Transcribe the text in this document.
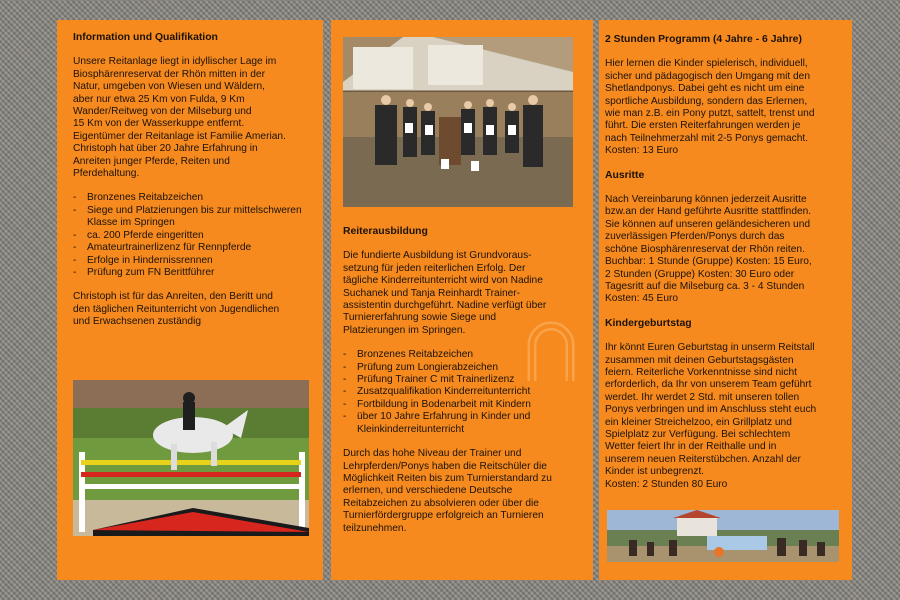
Information und Qualifikation

Unsere Reitanlage liegt in idyllischer Lage im
Biosphärenreservat der Rhön mitten in der
Natur, umgeben von Wiesen und Wäldern,
aber nur etwa 25 Km von Fulda, 9 Km
Wander/Reitweg von der Milseburg und
15 Km von der Wasserkuppe entfernt.
Eigentümer der Reitanlage ist Familie Amerian.
Christoph hat über 20 Jahre Erfahrung in
Anreiten junger Pferde, Reiten und
Pferdehaltung.

- Bronzenes Reitabzeichen
- Siege und Platzierungen bis zur mittelschweren Klasse im Springen
- ca. 200 Pferde eingeritten
- Amateurtrainerlizenz für Rennpferde
- Erfolge in Hindernissrennen
- Prüfung zum FN Berittführer

Christoph ist für das Anreiten, den Beritt und
den täglichen Reitunterricht von Jugendlichen
und Erwachsenen zuständig

Reiterausbildung

Die fundierte Ausbildung ist Grundvoraus-
setzung für jeden reiterlichen Erfolg. Der
tägliche Kinderreitunterricht wird von Nadine
Suchanek und Tanja Reinhardt Trainer-
assistentin durchgeführt. Nadine verfügt über
Turniererfahrung sowie Siege und
Platzierungen im Springen.

- Bronzenes Reitabzeichen
- Prüfung zum Longierabzeichen
- Prüfung Trainer C mit Trainerlizenz
- Zusatzqualifikation Kinderreitunterricht
- Fortbildung in Bodenarbeit mit Kindern
- über 10 Jahre Erfahrung in Kinder und Kleinkinderreitunterricht

Durch das hohe Niveau der Trainer und
Lehrpferden/Ponys haben die Reitschüler die
Möglichkeit Reiten bis zum Turnierstandard zu
erlernen, und verschiedene Deutsche
Reitabzeichen zu absolvieren oder über die
Turnierfördergruppe erfolgreich an Turnieren
teilzunehmen.

2 Stunden Programm (4 Jahre - 6 Jahre)

Hier lernen die Kinder spielerisch, individuell,
sicher und pädagogisch den Umgang mit den
Shetlandponys. Dabei geht es nicht um eine
sportliche Ausbildung, sondern das Erlernen,
wie man z.B. ein Pony putzt, sattelt, trenst und
führt. Die ersten Reiterfahrungen werden je
nach Teilnehmerzahl mit 2-5 Ponys gemacht.
Kosten: 13 Euro

Ausritte

Nach Vereinbarung können jederzeit Ausritte
bzw.an der Hand geführte Ausritte stattfinden.
Sie können auf unseren geländesicheren und
zuverlässigen Pferden/Ponys durch das
schöne Biosphärenreservat der Rhön reiten.
Buchbar: 1 Stunde (Gruppe) Kosten: 15 Euro,
2 Stunden (Gruppe) Kosten: 30 Euro oder
Tagesritt auf die Milseburg ca. 3 - 4 Stunden
Kosten: 45 Euro

Kindergeburtstag

Ihr könnt Euren Geburtstag in unserm Reitstall
zusammen mit deinen Geburtstagsgästen
feiern. Reiterliche Vorkenntnisse sind nicht
erforderlich, da Ihr von unserem Team geführt
werdet. Ihr werdet 2 Std. mit unseren tollen
Ponys verbringen und im Anschluss steht euch
ein kleiner Streichelzoo, ein Grillplatz und
Spielplatz zur Verfügung. Bei schlechtem
Wetter feiert Ihr in der Reithalle und in
unserem neuen Reiterstübchen. Anzahl der
Kinder ist unbegrenzt.
Kosten: 2 Stunden 80 Euro
